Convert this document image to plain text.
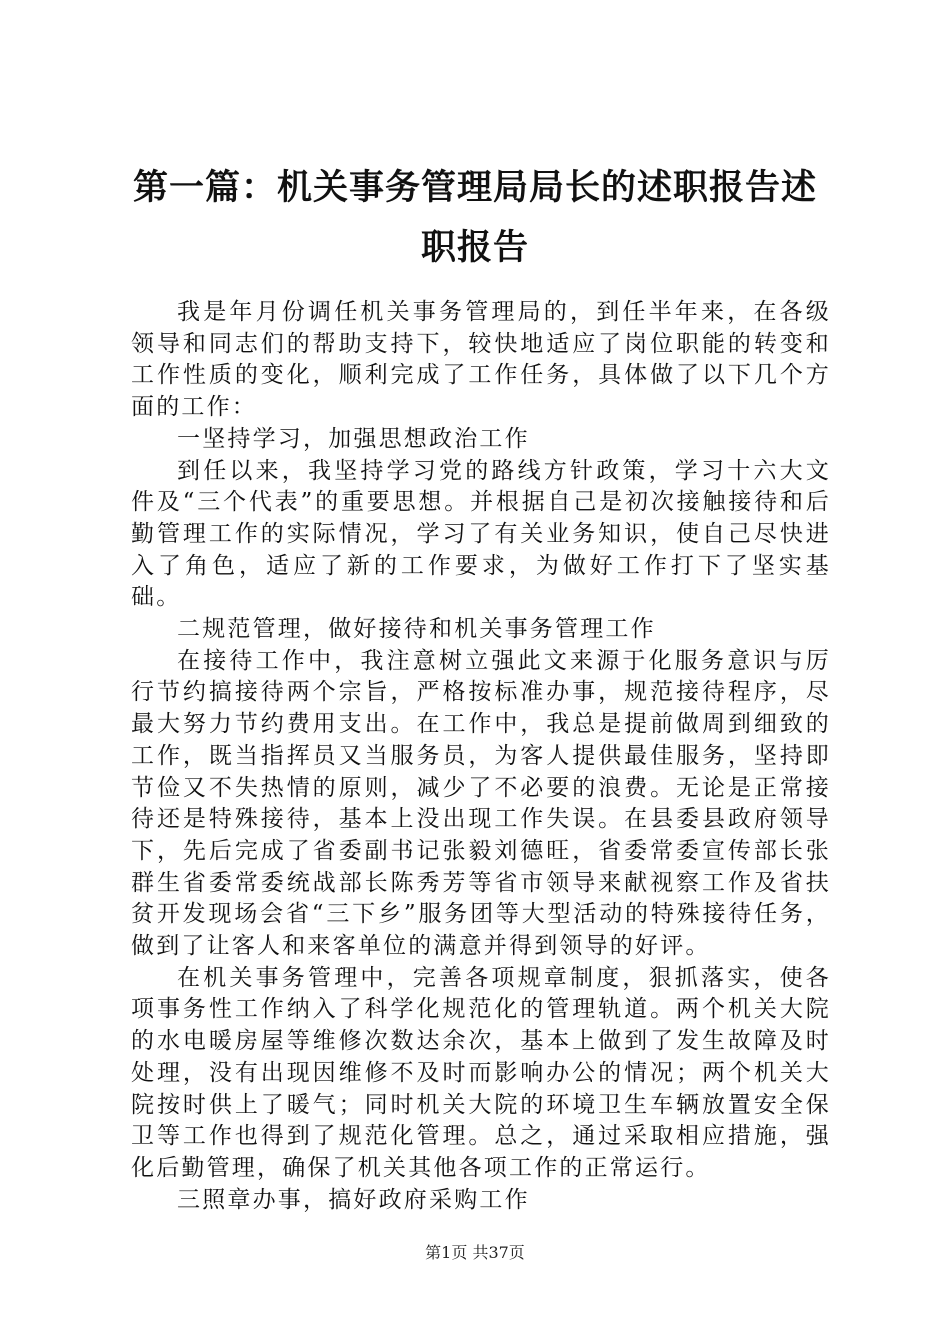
第一篇：机关事务管理局局长的述职报告述职报告

我是年月份调任机关事务管理局的，到任半年来，在各级领导和同志们的帮助支持下，较快地适应了岗位职能的转变和工作性质的变化，顺利完成了工作任务，具体做了以下几个方面的工作：

一坚持学习，加强思想政治工作

到任以来，我坚持学习党的路线方针政策，学习十六大文件及“三个代表”的重要思想。并根据自己是初次接触接待和后勤管理工作的实际情况，学习了有关业务知识，使自己尽快进入了角色，适应了新的工作要求，为做好工作打下了坚实基础。

二规范管理，做好接待和机关事务管理工作

在接待工作中，我注意树立强此文来源于化服务意识与厉行节约搞接待两个宗旨，严格按标准办事，规范接待程序，尽最大努力节约费用支出。在工作中，我总是提前做周到细致的工作，既当指挥员又当服务员，为客人提供最佳服务，坚持即节俭又不失热情的原则，减少了不必要的浪费。无论是正常接待还是特殊接待，基本上没出现工作失误。在县委县政府领导下，先后完成了省委副书记张毅刘德旺，省委常委宣传部长张群生省委常委统战部长陈秀芳等省市领导来献视察工作及省扶贫开发现场会省“三下乡”服务团等大型活动的特殊接待任务，做到了让客人和来客单位的满意并得到领导的好评。

在机关事务管理中，完善各项规章制度，狠抓落实，使各项事务性工作纳入了科学化规范化的管理轨道。两个机关大院的水电暖房屋等维修次数达余次，基本上做到了发生故障及时处理，没有出现因维修不及时而影响办公的情况；两个机关大院按时供上了暖气；同时机关大院的环境卫生车辆放置安全保卫等工作也得到了规范化管理。总之，通过采取相应措施，强化后勤管理，确保了机关其他各项工作的正常运行。

三照章办事，搞好政府采购工作

第1页 共37页
